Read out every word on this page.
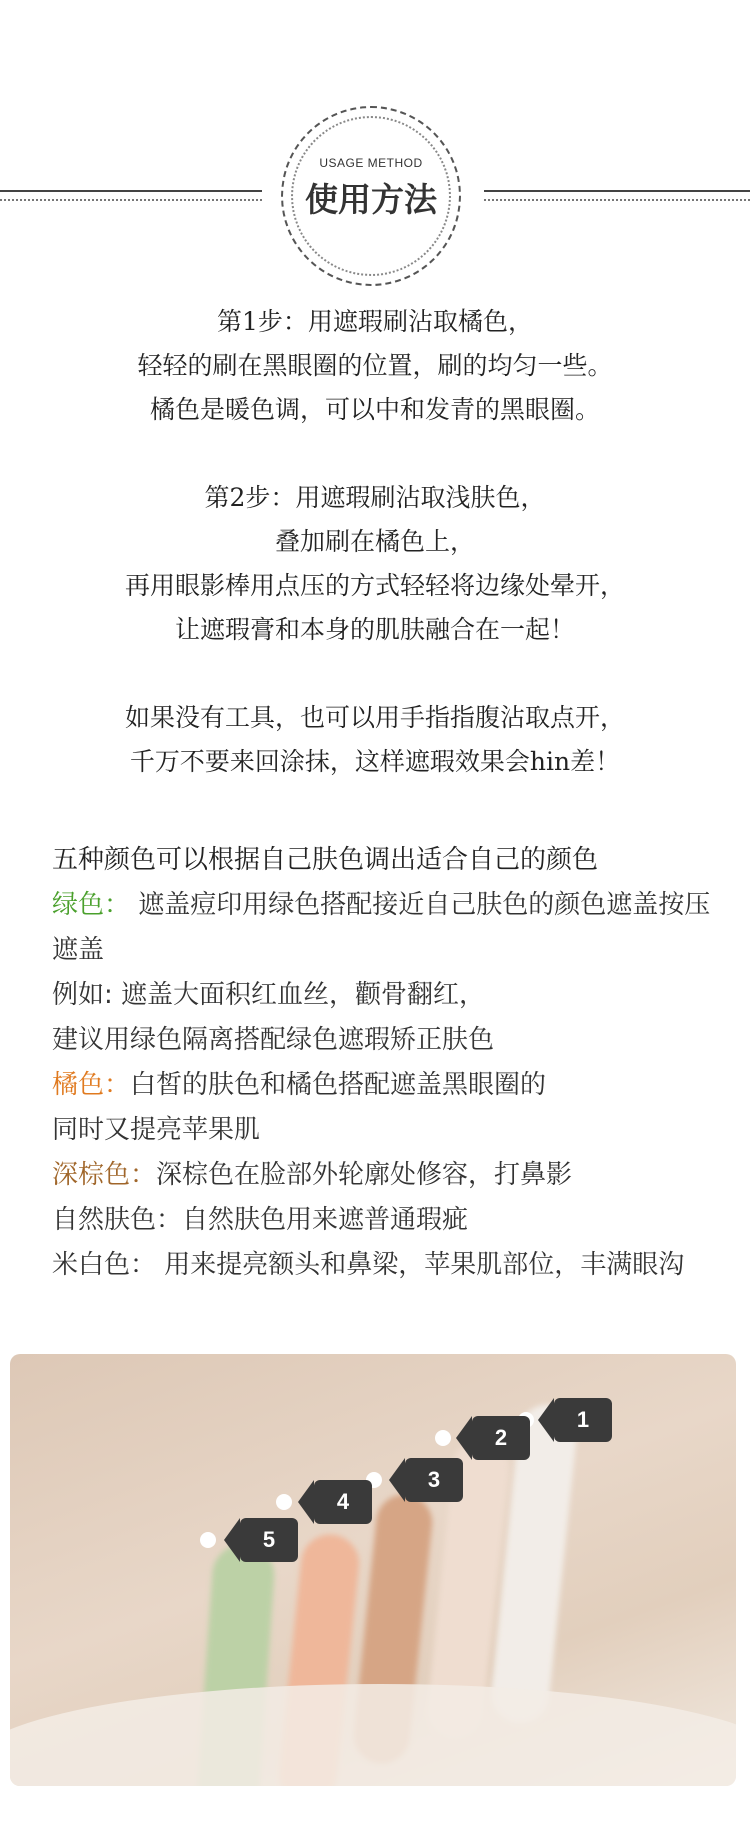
USAGE METHOD
使用方法
第1步：用遮瑕刷沾取橘色，
轻轻的刷在黑眼圈的位置，刷的均匀一些。
橘色是暖色调，可以中和发青的黑眼圈。
第2步：用遮瑕刷沾取浅肤色，
叠加刷在橘色上，
再用眼影棒用点压的方式轻轻将边缘处晕开，
让遮瑕膏和本身的肌肤融合在一起！
如果没有工具，也可以用手指指腹沾取点开，
千万不要来回涂抹，这样遮瑕效果会hin差！
五种颜色可以根据自己肤色调出适合自己的颜色
绿色： 遮盖痘印用绿色搭配接近自己肤色的颜色遮盖按压遮盖
例如: 遮盖大面积红血丝，颧骨翻红，
建议用绿色隔离搭配绿色遮瑕矫正肤色
橘色：白皙的肤色和橘色搭配遮盖黑眼圈的
同时又提亮苹果肌
深棕色：深棕色在脸部外轮廓处修容，打鼻影
自然肤色：自然肤色用来遮普通瑕疵
米白色： 用来提亮额头和鼻梁，苹果肌部位，丰满眼沟
1
2
3
4
5
